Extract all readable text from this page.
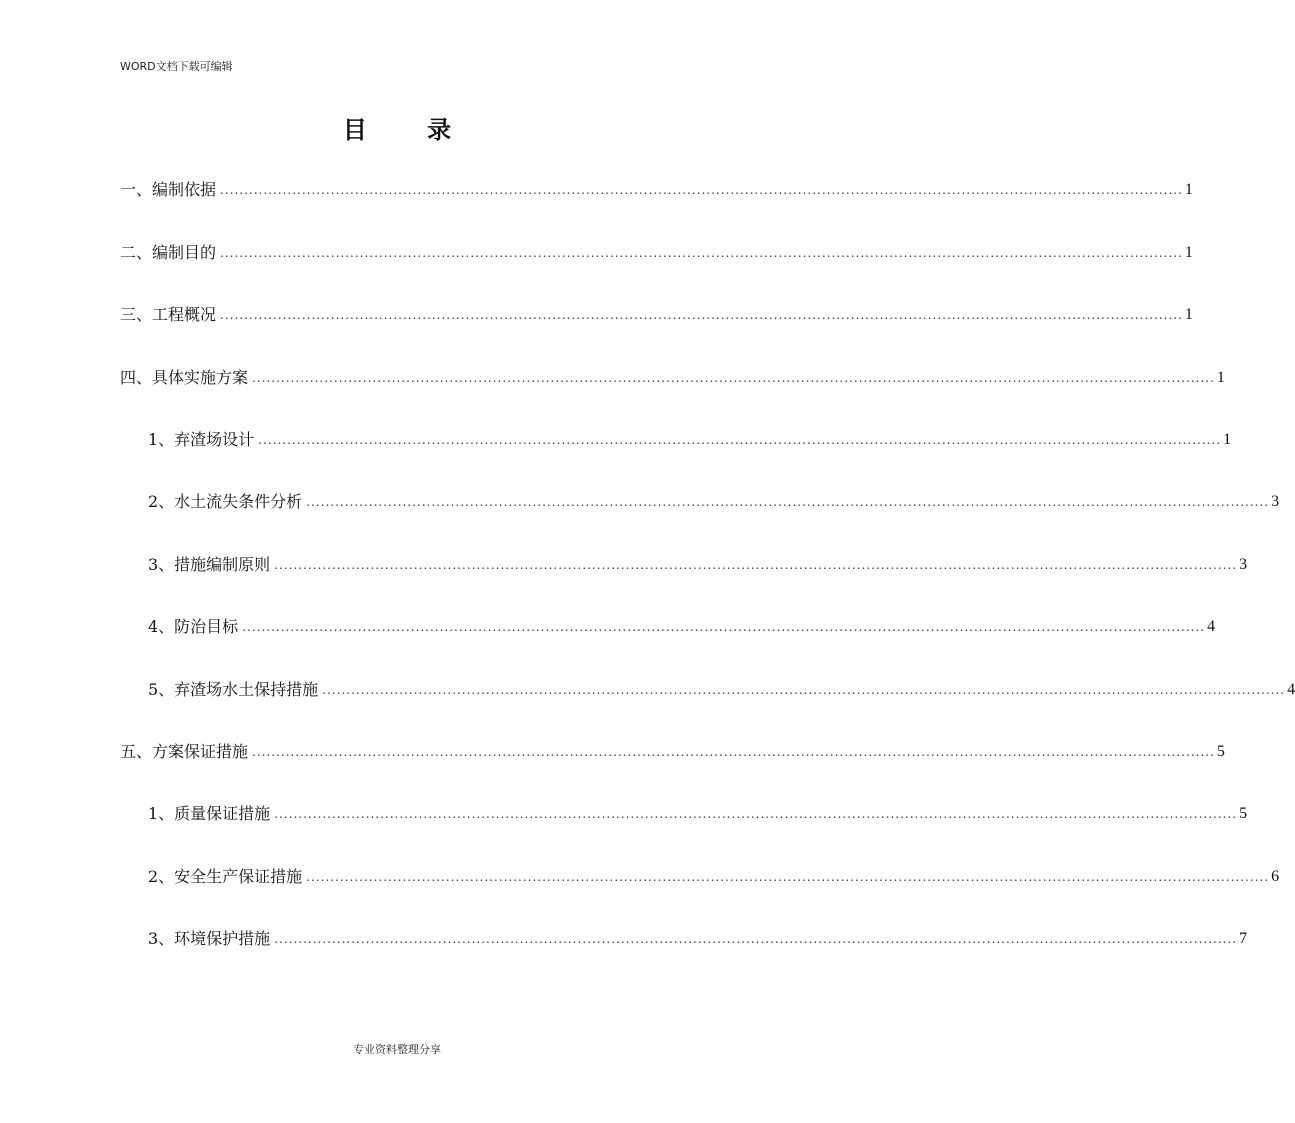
WORD文档下载可编辑
目 录
一、编制依据 ........................................................................................................................................................................................................ 1
二、编制目的 ........................................................................................................................................................................................................ 1
三、工程概况 ........................................................................................................................................................................................................ 1
四、具体实施方案 ........................................................................................................................................................................................................ 1
1、弃渣场设计 ........................................................................................................................................................................................................ 1
2、水土流失条件分析 ........................................................................................................................................................................................................ 3
3、措施编制原则 ........................................................................................................................................................................................................ 3
4、防治目标 ........................................................................................................................................................................................................ 4
5、弃渣场水土保持措施 ........................................................................................................................................................................................................ 4
五、方案保证措施 ........................................................................................................................................................................................................ 5
1、质量保证措施 ........................................................................................................................................................................................................ 5
2、安全生产保证措施 ........................................................................................................................................................................................................ 6
3、环境保护措施 ........................................................................................................................................................................................................ 7
专业资料整理分享
